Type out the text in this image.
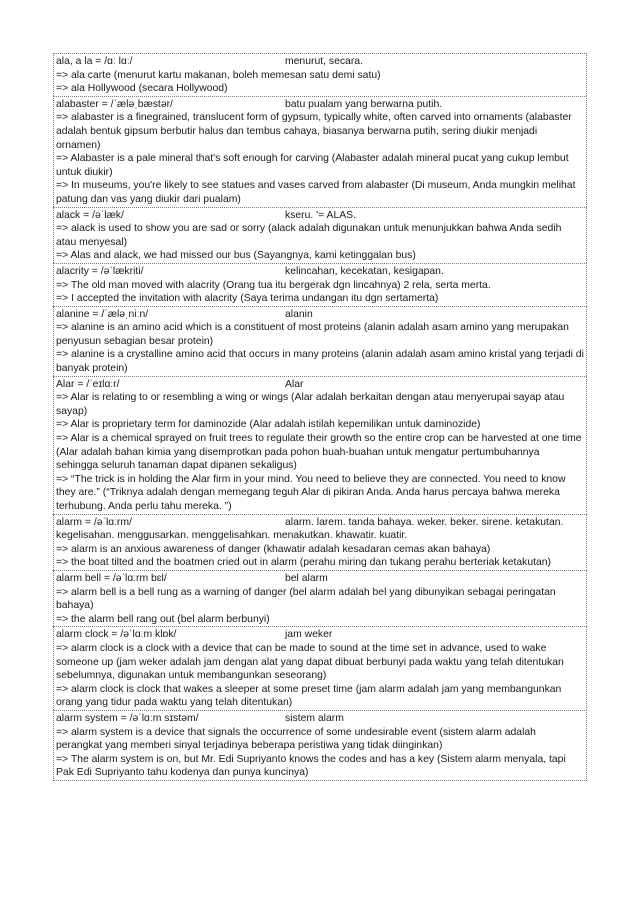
ala, a la = /ɑː lɑː/	menurut, secara.
=> ala carte (menurut kartu makanan, boleh memesan satu demi satu)
=> ala Hollywood (secara Hollywood)
alabaster = /ˈæləˌbæstər/	batu pualam yang berwarna putih.
=> alabaster is a finegrained, translucent form of gypsum, typically white, often carved into ornaments (alabaster adalah bentuk gipsum berbutir halus dan tembus cahaya, biasanya berwarna putih, sering diukir menjadi ornamen)
=> Alabaster is a pale mineral that's soft enough for carving (Alabaster adalah mineral pucat yang cukup lembut untuk diukir)
=> In museums, you're likely to see statues and vases carved from alabaster (Di museum, Anda mungkin melihat patung dan vas yang diukir dari pualam)
alack = /əˈlæk/	kseru. '= ALAS.
=> alack is used to show you are sad or sorry (alack adalah digunakan untuk menunjukkan bahwa Anda sedih atau menyesal)
=> Alas and alack, we had missed our bus (Sayangnya, kami ketinggalan bus)
alacrity = /əˈlækriti/	kelincahan, kecekatan, kesigapan.
=> The old man moved with alacrity (Orang tua itu bergerak dgn lincahnya) 2 rela, serta merta.
=> I accepted the invitation with alacrity (Saya terima undangan itu dgn sertamerta)
alanine = /ˈæləˌniːn/	alanin
=> alanine is an amino acid which is a constituent of most proteins (alanin adalah asam amino yang merupakan penyusun sebagian besar protein)
=> alanine is a crystalline amino acid that occurs in many proteins (alanin adalah asam amino kristal yang terjadi di banyak protein)
Alar = /ˈeɪlɑːr/	Alar
=> Alar is relating to or resembling a wing or wings (Alar adalah berkaitan dengan atau menyerupai sayap atau sayap)
=> Alar is proprietary term for daminozide (Alar adalah istilah kepemilikan untuk daminozide)
=> Alar is a chemical sprayed on fruit trees to regulate their growth so the entire crop can be harvested at one time (Alar adalah bahan kimia yang disemprotkan pada pohon buah-buahan untuk mengatur pertumbuhannya sehingga seluruh tanaman dapat dipanen sekaligus)
=> “The trick is in holding the Alar firm in your mind. You need to believe they are connected. You need to know they are.” (“Triknya adalah dengan memegang teguh Alar di pikiran Anda. Anda harus percaya bahwa mereka terhubung. Anda perlu tahu mereka. ”)
alarm = /əˈlɑːrm/	alarm. larem. tanda bahaya. weker. beker. sirene. ketakutan.
kegelisahan. menggusarkan. menggelisahkan. menakutkan. khawatir. kuatir.
=> alarm is an anxious awareness of danger (khawatir adalah kesadaran cemas akan bahaya)
=> the boat tilted and the boatmen cried out in alarm (perahu miring dan tukang perahu berteriak ketakutan)
alarm bell = /əˈlɑːrm bɛl/	bel alarm
=> alarm bell is a bell rung as a warning of danger (bel alarm adalah bel yang dibunyikan sebagai peringatan bahaya)
=> the alarm bell rang out (bel alarm berbunyi)
alarm clock = /əˈlɑːm klɒk/	jam weker
=> alarm clock is a clock with a device that can be made to sound at the time set in advance, used to wake someone up (jam weker adalah jam dengan alat yang dapat dibuat berbunyi pada waktu yang telah ditentukan sebelumnya, digunakan untuk membangunkan seseorang)
=> alarm clock is clock that wakes a sleeper at some preset time (jam alarm adalah jam yang membangunkan orang yang tidur pada waktu yang telah ditentukan)
alarm system = /əˈlɑːm sɪstəm/	sistem alarm
=> alarm system is a device that signals the occurrence of some undesirable event (sistem alarm adalah perangkat yang memberi sinyal terjadinya beberapa peristiwa yang tidak diinginkan)
=> The alarm system is on, but Mr. Edi Supriyanto knows the codes and has a key (Sistem alarm menyala, tapi Pak Edi Supriyanto tahu kodenya dan punya kuncinya)
